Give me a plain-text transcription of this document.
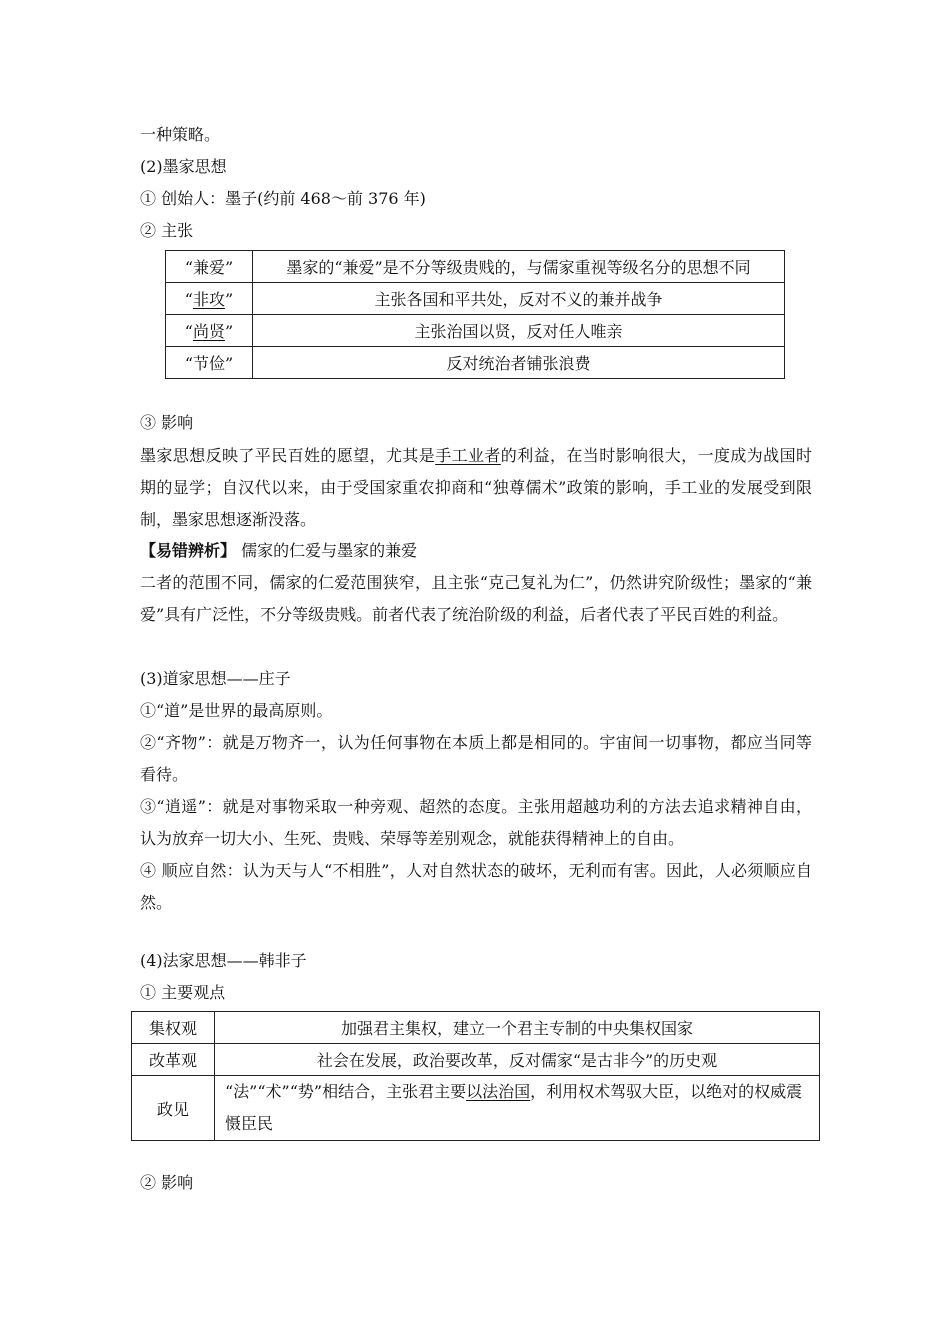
一种策略。
(2)墨家思想
① 创始人：墨子(约前 468～前 376 年)
② 主张
“兼爱”	墨家的“兼爱”是不分等级贵贱的，与儒家重视等级名分的思想不同
“非攻”	主张各国和平共处，反对不义的兼并战争
“尚贤”	主张治国以贤，反对任人唯亲
“节俭”	反对统治者铺张浪费
③ 影响
墨家思想反映了平民百姓的愿望，尤其是手工业者的利益，在当时影响很大，一度成为战国时期的显学；自汉代以来，由于受国家重农抑商和“独尊儒术”政策的影响，手工业的发展受到限制，墨家思想逐渐没落。
【易错辨析】 儒家的仁爱与墨家的兼爱
二者的范围不同，儒家的仁爱范围狭窄，且主张“克己复礼为仁”，仍然讲究阶级性；墨家的“兼爱”具有广泛性，不分等级贵贱。前者代表了统治阶级的利益，后者代表了平民百姓的利益。
(3)道家思想——庄子
①“道”是世界的最高原则。
②“齐物”：就是万物齐一，认为任何事物在本质上都是相同的。宇宙间一切事物，都应当同等看待。
③“逍遥”：就是对事物采取一种旁观、超然的态度。主张用超越功利的方法去追求精神自由，认为放弃一切大小、生死、贵贱、荣辱等差别观念，就能获得精神上的自由。
④ 顺应自然：认为天与人“不相胜”，人对自然状态的破坏，无利而有害。因此，人必须顺应自然。
(4)法家思想——韩非子
① 主要观点
集权观	加强君主集权，建立一个君主专制的中央集权国家
改革观	社会在发展，政治要改革，反对儒家“是古非今”的历史观
政见	“法”“术”“势”相结合，主张君主要以法治国，利用权术驾驭大臣，以绝对的权威震慑臣民
② 影响
